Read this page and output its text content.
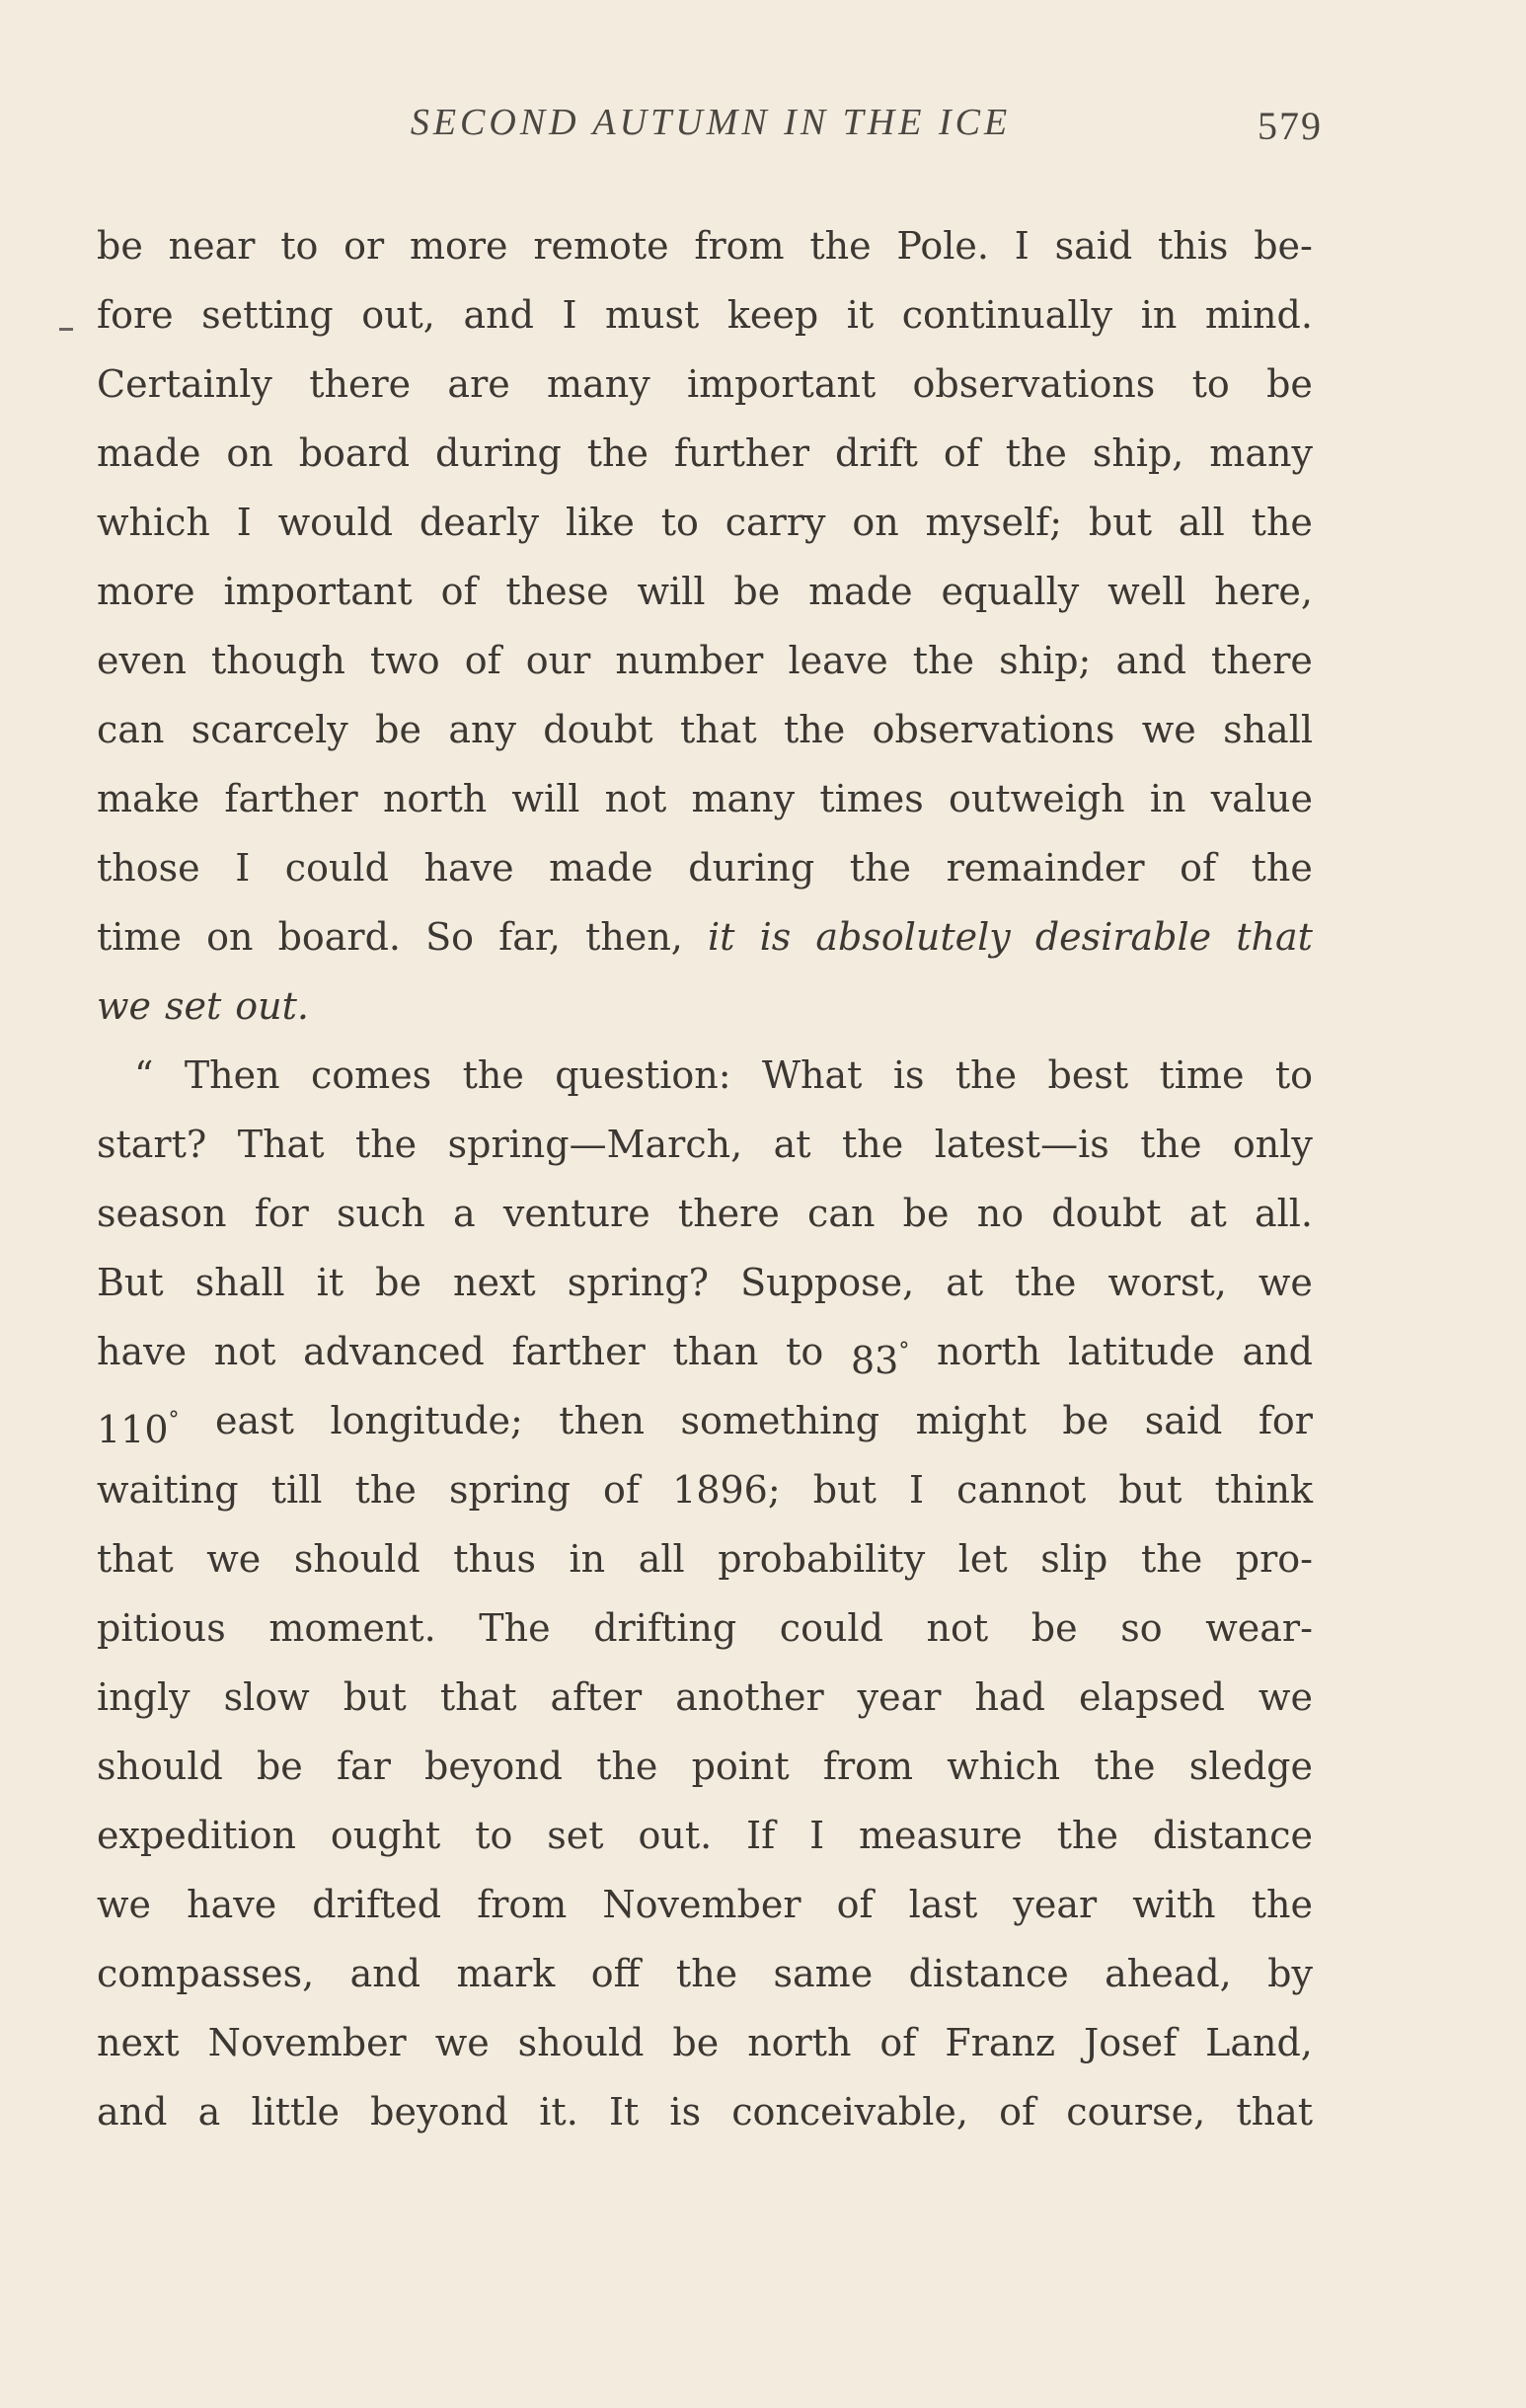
SECOND AUTUMN IN THE ICE	579
be near to or more remote from the Pole. I said this be-
fore setting out, and I must keep it continually in mind.
Certainly there are many important observations to be
made on board during the further drift of the ship, many
which I would dearly like to carry on myself; but all the
more important of these will be made equally well here,
even though two of our number leave the ship; and there
can scarcely be any doubt that the observations we shall
make farther north will not many times outweigh in value
those I could have made during the remainder of the
time on board. So far, then, it is absolutely desirable that
we set out.
“ Then comes the question: What is the best time to
start? That the spring—March, at the latest—is the only
season for such a venture there can be no doubt at all.
But shall it be next spring? Suppose, at the worst, we
have not advanced farther than to 83° north latitude and
110° east longitude; then something might be said for
waiting till the spring of 1896; but I cannot but think
that we should thus in all probability let slip the pro-
pitious moment. The drifting could not be so wear-
ingly slow but that after another year had elapsed we
should be far beyond the point from which the sledge
expedition ought to set out. If I measure the distance
we have drifted from November of last year with the
compasses, and mark off the same distance ahead, by
next November we should be north of Franz Josef Land,
and a little beyond it. It is conceivable, of course, that
